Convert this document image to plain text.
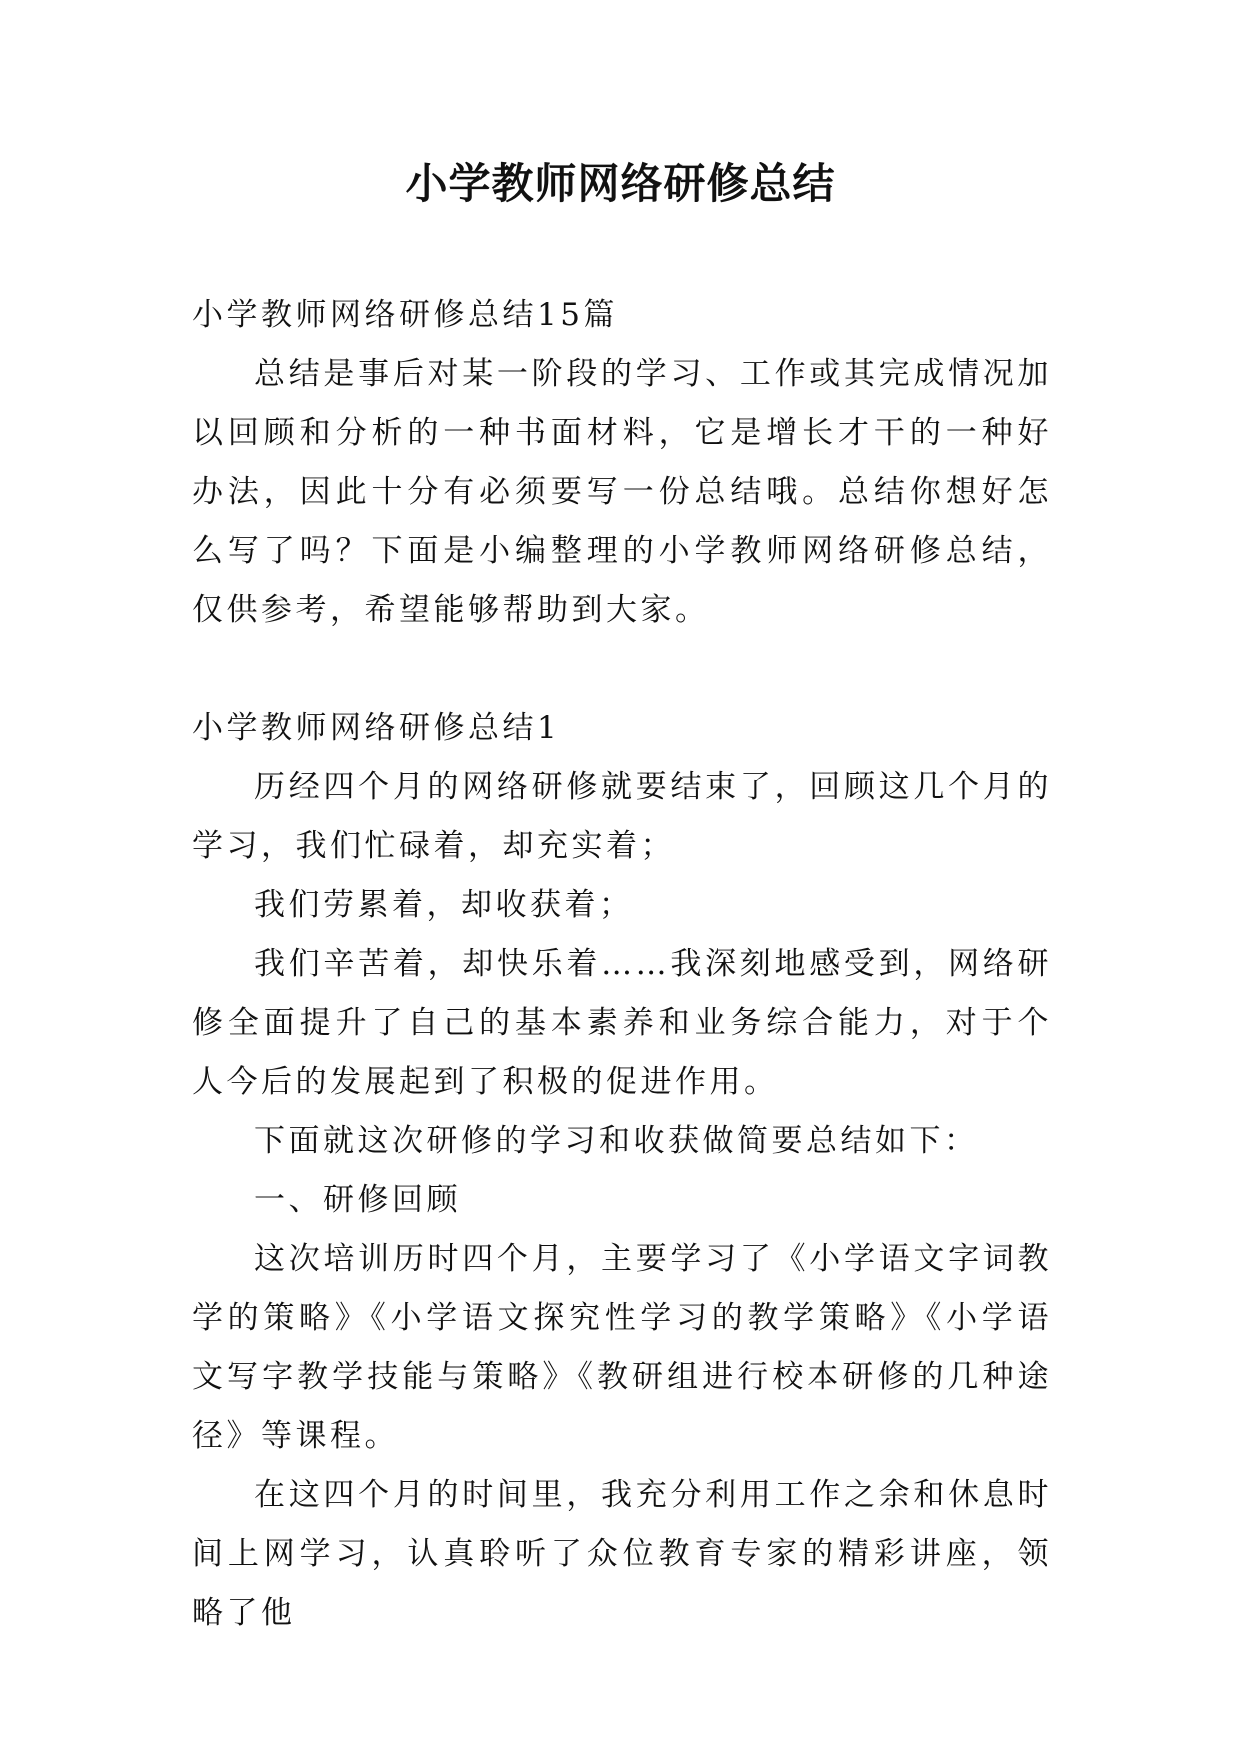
小学教师网络研修总结

小学教师网络研修总结15篇

总结是事后对某一阶段的学习、工作或其完成情况加以回顾和分析的一种书面材料，它是增长才干的一种好办法，因此十分有必须要写一份总结哦。总结你想好怎么写了吗？下面是小编整理的小学教师网络研修总结，仅供参考，希望能够帮助到大家。

小学教师网络研修总结1

历经四个月的网络研修就要结束了，回顾这几个月的学习，我们忙碌着，却充实着；

我们劳累着，却收获着；

我们辛苦着，却快乐着……我深刻地感受到，网络研修全面提升了自己的基本素养和业务综合能力，对于个人今后的发展起到了积极的促进作用。

下面就这次研修的学习和收获做简要总结如下：

一、研修回顾

这次培训历时四个月，主要学习了《小学语文字词教学的策略》《小学语文探究性学习的教学策略》《小学语文写字教学技能与策略》《教研组进行校本研修的几种途径》等课程。

在这四个月的时间里，我充分利用工作之余和休息时间上网学习，认真聆听了众位教育专家的精彩讲座，领略了他
